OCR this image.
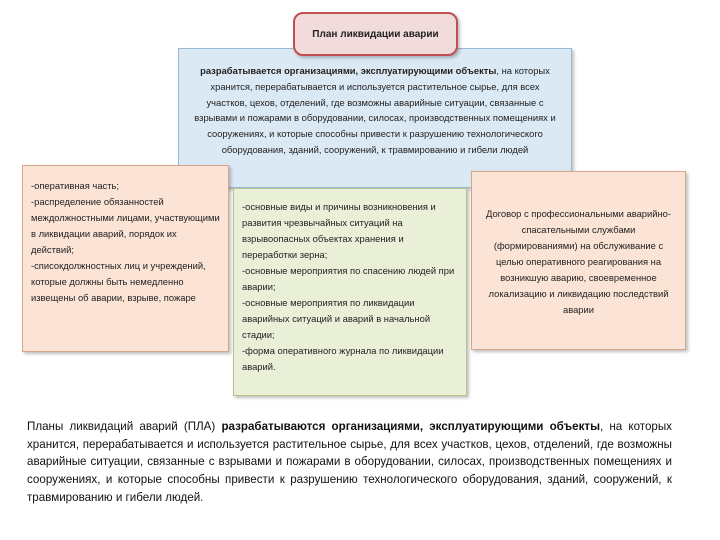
разрабатывается организациями, эксплуатирующими объекты, на которых хранится, перерабатывается и используется растительное сырье, для всех участков, цехов, отделений, где возможны аварийные ситуации, связанные с взрывами и пожарами в оборудовании, силосах, производственных помещениях и сооружениях, и которые способны привести к разрушению технологического оборудования, зданий, сооружений, к травмированию и гибели людей
План ликвидации аварии
-оперативная часть;
-распределение обязанностей междолжностными лицами, участвующими в ликвидации аварий, порядок их действий;
-списокдолжностных лиц и учреждений, которые должны быть немедленно извещены об аварии, взрыве, пожаре
Договор с профессиональными аварийно-спасательными службами (формированиями) на обслуживание с целью оперативного реагирования на возникшую аварию, своевременное локализацию и ликвидацию последствий аварии
-основные виды и причины возникновения и развития чрезвычайных ситуаций на взрывоопасных объектах хранения и переработки зерна;
-основные мероприятия по спасению людей при аварии;
-основные мероприятия по ликвидации аварийных ситуаций и аварий в начальной стадии;
-форма оперативного журнала по ликвидации аварий.
Планы ликвидаций аварий (ПЛА) разрабатываются организациями, эксплуатирующими объекты, на которых хранится, перерабатывается и используется растительное сырье, для всех участков, цехов, отделений, где возможны аварийные ситуации, связанные с взрывами и пожарами в оборудовании, силосах, производственных помещениях и сооружениях, и которые способны привести к разрушению технологического оборудования, зданий, сооружений, к травмированию и гибели людей.
